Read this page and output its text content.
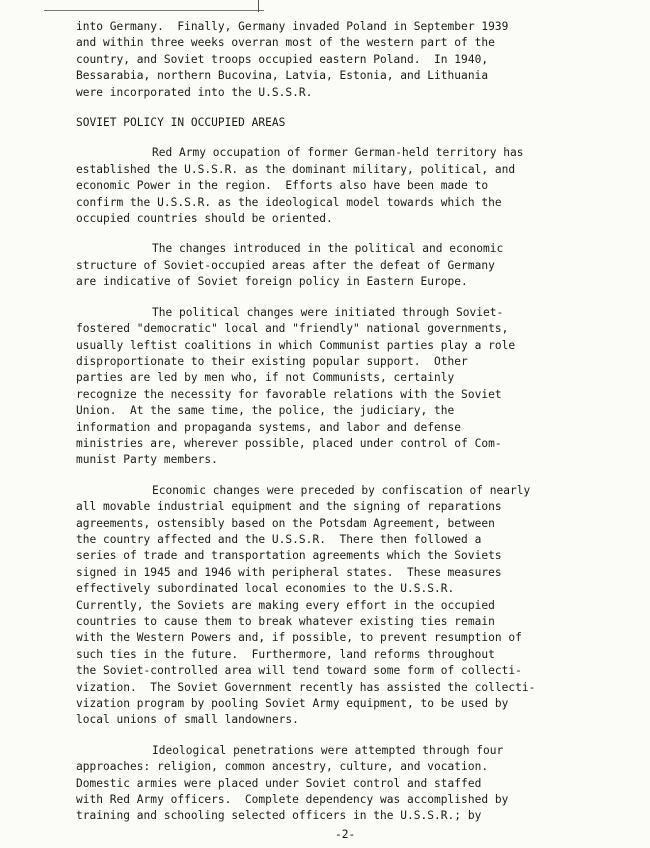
into Germany.  Finally, Germany invaded Poland in September 1939
and within three weeks overran most of the western part of the
country, and Soviet troops occupied eastern Poland.  In 1940,
Bessarabia, northern Bucovina, Latvia, Estonia, and Lithuania
were incorporated into the U.S.S.R.
SOVIET POLICY IN OCCUPIED AREAS
Red Army occupation of former German-held territory has
established the U.S.S.R. as the dominant military, political, and
economic Power in the region.  Efforts also have been made to
confirm the U.S.S.R. as the ideological model towards which the
occupied countries should be oriented.
The changes introduced in the political and economic
structure of Soviet-occupied areas after the defeat of Germany
are indicative of Soviet foreign policy in Eastern Europe.
The political changes were initiated through Soviet-
fostered "democratic" local and "friendly" national governments,
usually leftist coalitions in which Communist parties play a role
disproportionate to their existing popular support.  Other
parties are led by men who, if not Communists, certainly
recognize the necessity for favorable relations with the Soviet
Union.  At the same time, the police, the judiciary, the
information and propaganda systems, and labor and defense
ministries are, wherever possible, placed under control of Com-
munist Party members.
Economic changes were preceded by confiscation of nearly
all movable industrial equipment and the signing of reparations
agreements, ostensibly based on the Potsdam Agreement, between
the country affected and the U.S.S.R.  There then followed a
series of trade and transportation agreements which the Soviets
signed in 1945 and 1946 with peripheral states.  These measures
effectively subordinated local economies to the U.S.S.R.
Currently, the Soviets are making every effort in the occupied
countries to cause them to break whatever existing ties remain
with the Western Powers and, if possible, to prevent resumption of
such ties in the future.  Furthermore, land reforms throughout
the Soviet-controlled area will tend toward some form of collecti-
vization.  The Soviet Government recently has assisted the collecti-
vization program by pooling Soviet Army equipment, to be used by
local unions of small landowners.
Ideological penetrations were attempted through four
approaches: religion, common ancestry, culture, and vocation.
Domestic armies were placed under Soviet control and staffed
with Red Army officers.  Complete dependency was accomplished by
training and schooling selected officers in the U.S.S.R.; by
-2-
